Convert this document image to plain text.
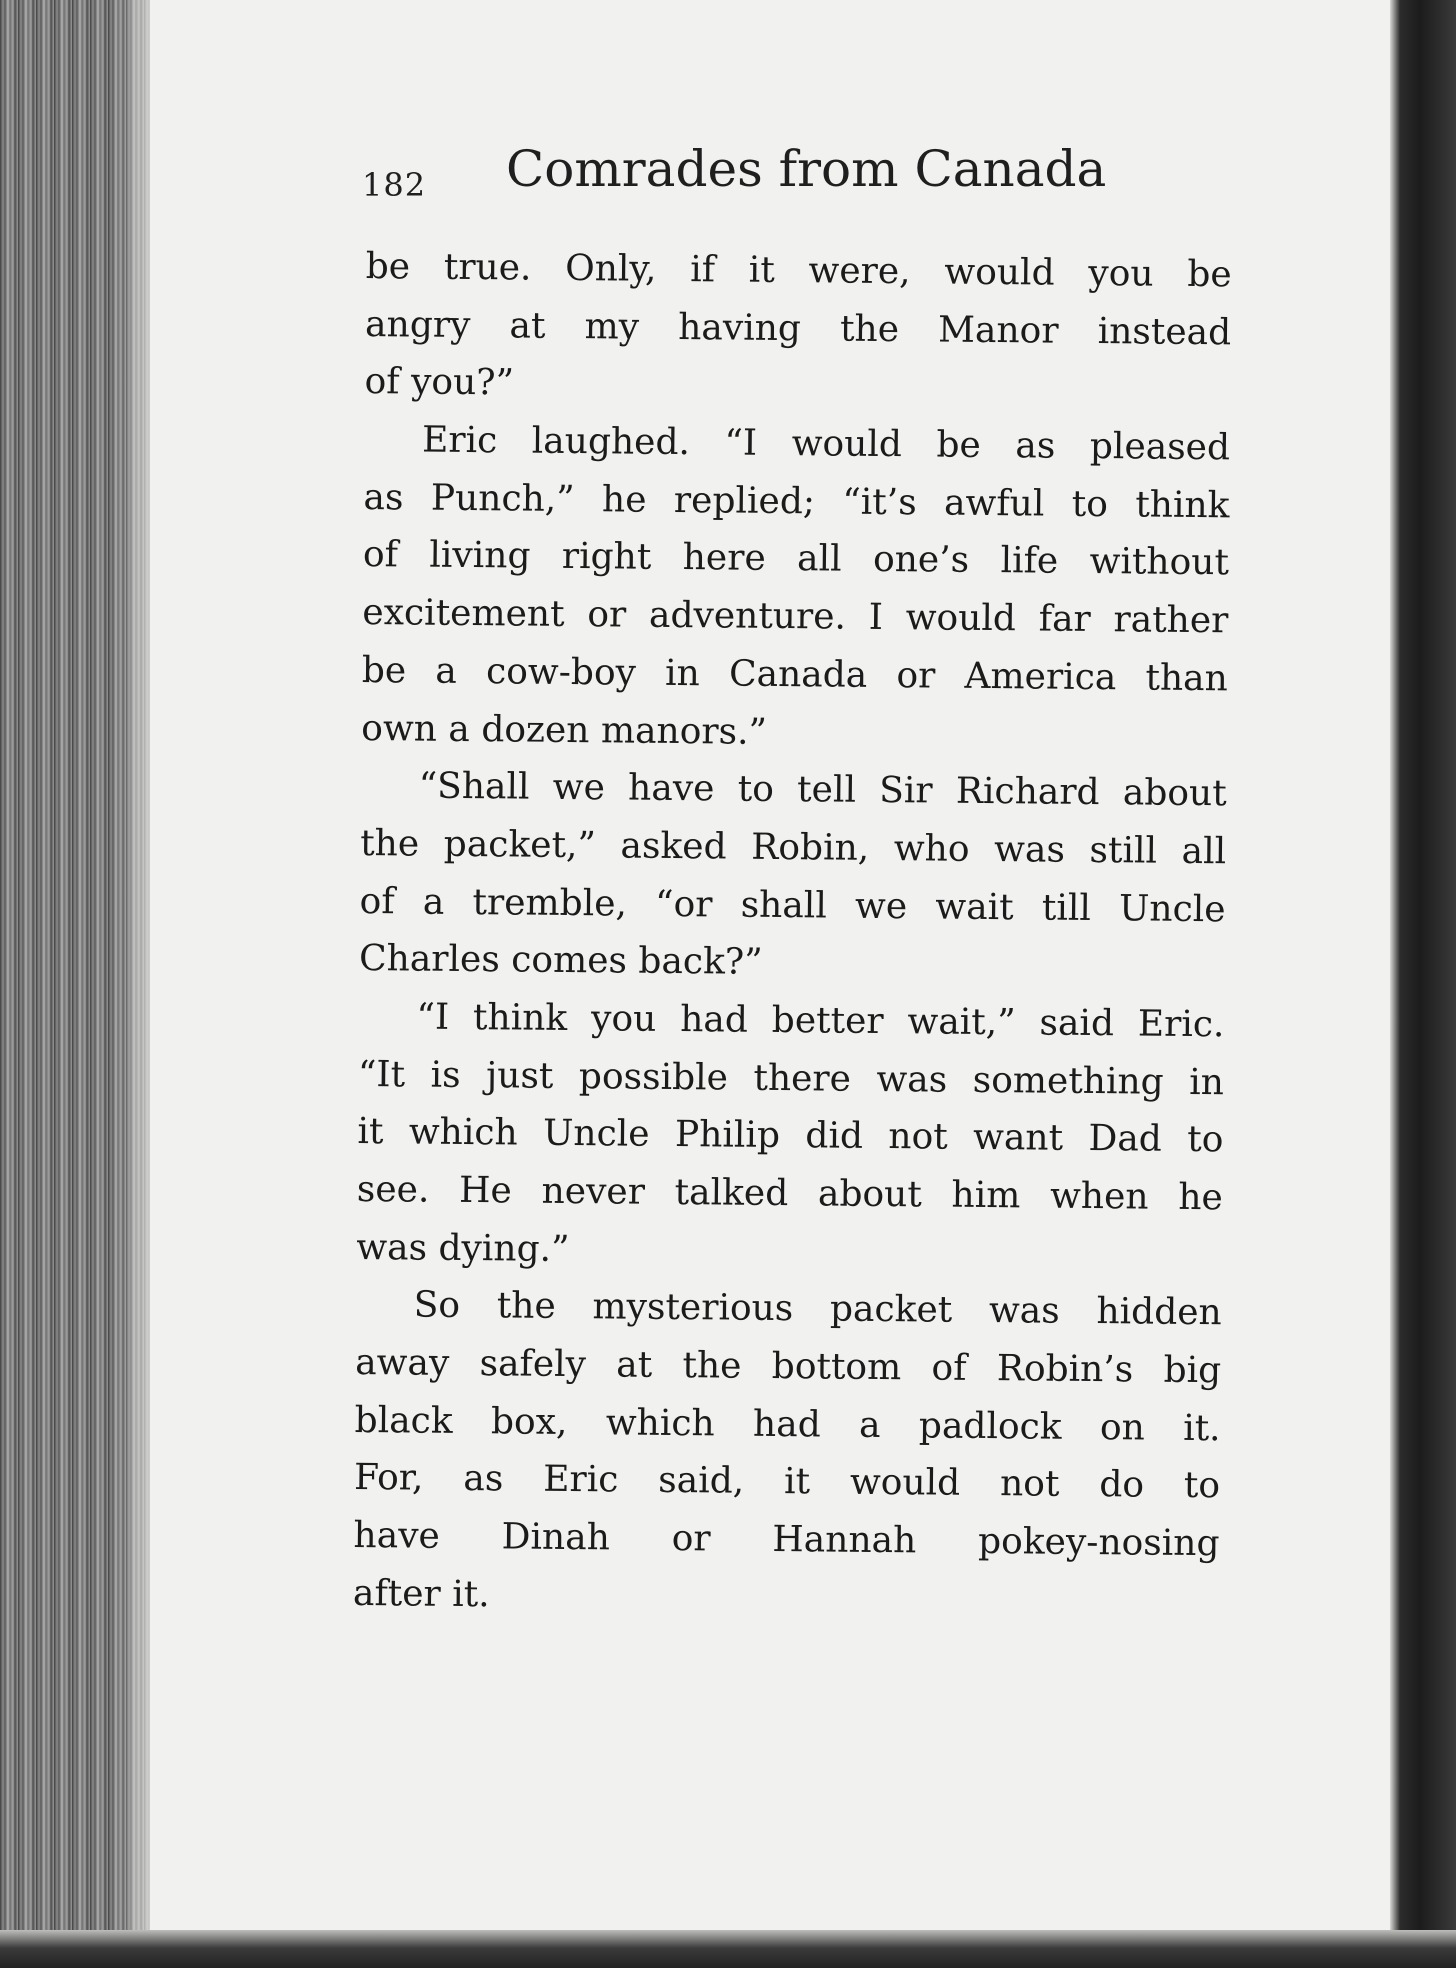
182 Comrades from Canada
be true. Only, if it were, would you be
angry at my having the Manor instead
of you?”
Eric laughed. “I would be as pleased
as Punch,” he replied; “it’s awful to think
of living right here all one’s life without
excitement or adventure. I would far rather
be a cow-boy in Canada or America than
own a dozen manors.”
“Shall we have to tell Sir Richard about
the packet,” asked Robin, who was still all
of a tremble, “or shall we wait till Uncle
Charles comes back?”
“I think you had better wait,” said Eric.
“It is just possible there was something in
it which Uncle Philip did not want Dad to
see. He never talked about him when he
was dying.”
So the mysterious packet was hidden
away safely at the bottom of Robin’s big
black box, which had a padlock on it.
For, as Eric said, it would not do to
have Dinah or Hannah pokey-nosing
after it.
